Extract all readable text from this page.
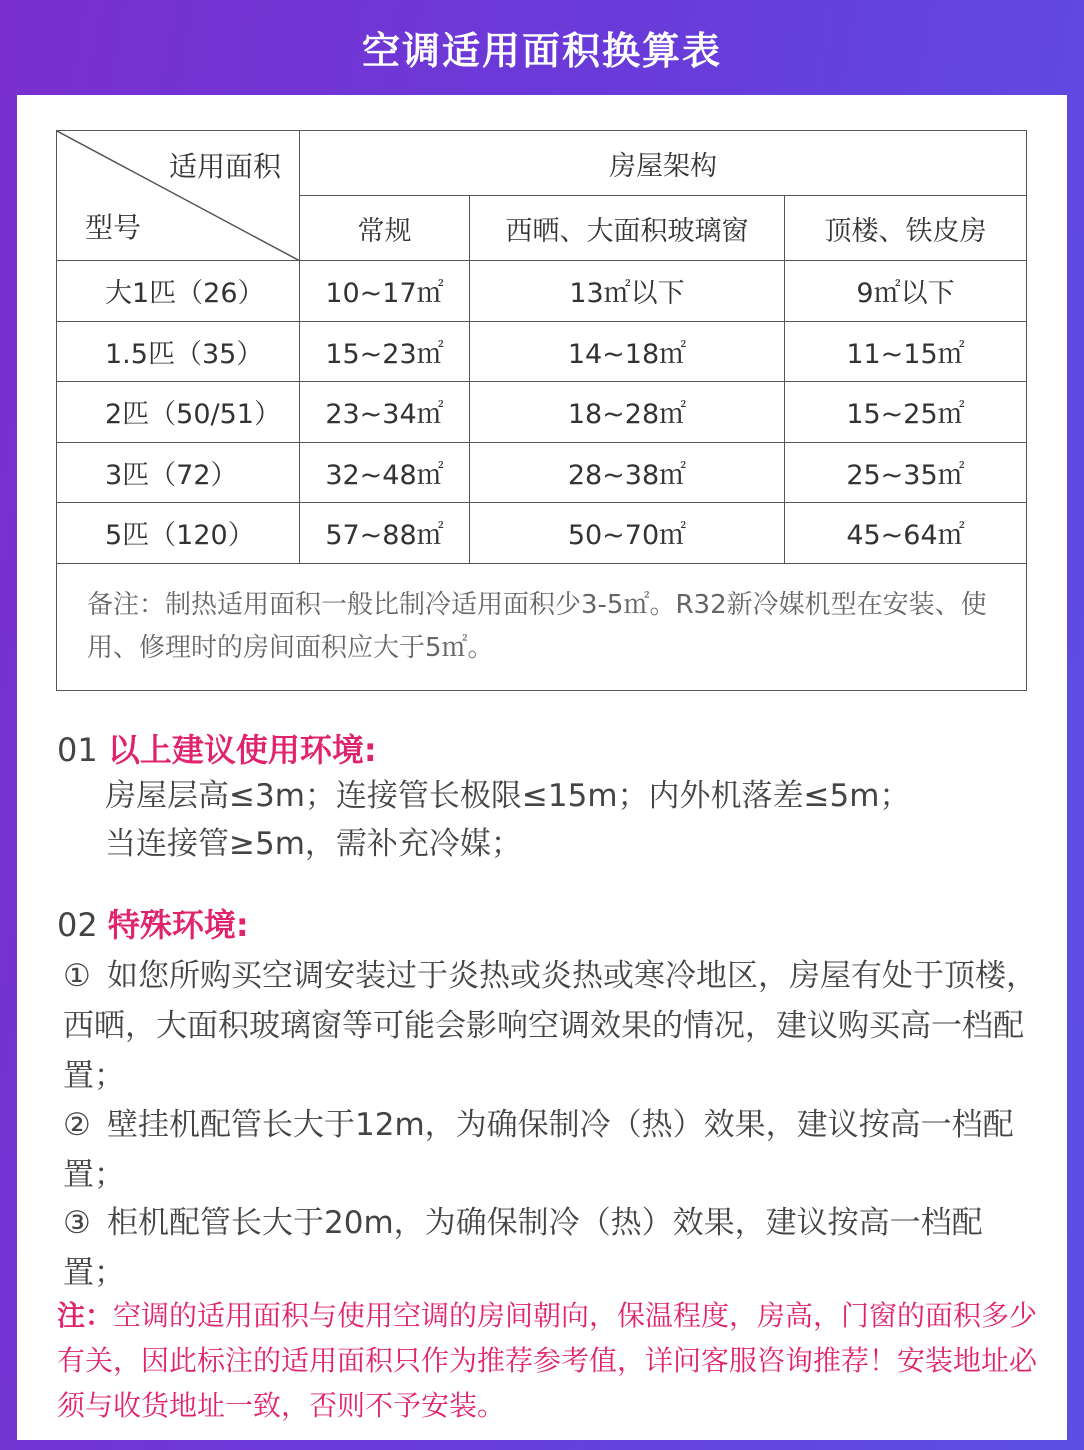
空调适用面积换算表
适用面积
型号	房屋架构		
	常规	西晒、大面积玻璃窗	顶楼、铁皮房
大1匹（26）	10~17㎡	13㎡以下	9㎡以下
1.5匹（35）	15~23㎡	14~18㎡	11~15㎡
2匹（50/51）	23~34㎡	18~28㎡	15~25㎡
3匹（72）	32~48㎡	28~38㎡	25~35㎡
5匹（120）	57~88㎡	50~70㎡	45~64㎡
备注：制热适用面积一般比制冷适用面积少3-5㎡。R32新冷媒机型在安装、使用、修理时的房间面积应大于5㎡。			
01 以上建议使用环境:
房屋层高≤3m；连接管长极限≤15m；内外机落差≤5m；
当连接管≥5m，需补充冷媒；
02 特殊环境:
① 如您所购买空调安装过于炎热或炎热或寒冷地区，房屋有处于顶楼，西晒，大面积玻璃窗等可能会影响空调效果的情况，建议购买高一档配置；
② 壁挂机配管长大于12m，为确保制冷（热）效果，建议按高一档配置；
③ 柜机配管长大于20m，为确保制冷（热）效果，建议按高一档配置；
注：空调的适用面积与使用空调的房间朝向，保温程度，房高，门窗的面积多少有关，因此标注的适用面积只作为推荐参考值，详问客服咨询推荐！安装地址必须与收货地址一致，否则不予安装。
